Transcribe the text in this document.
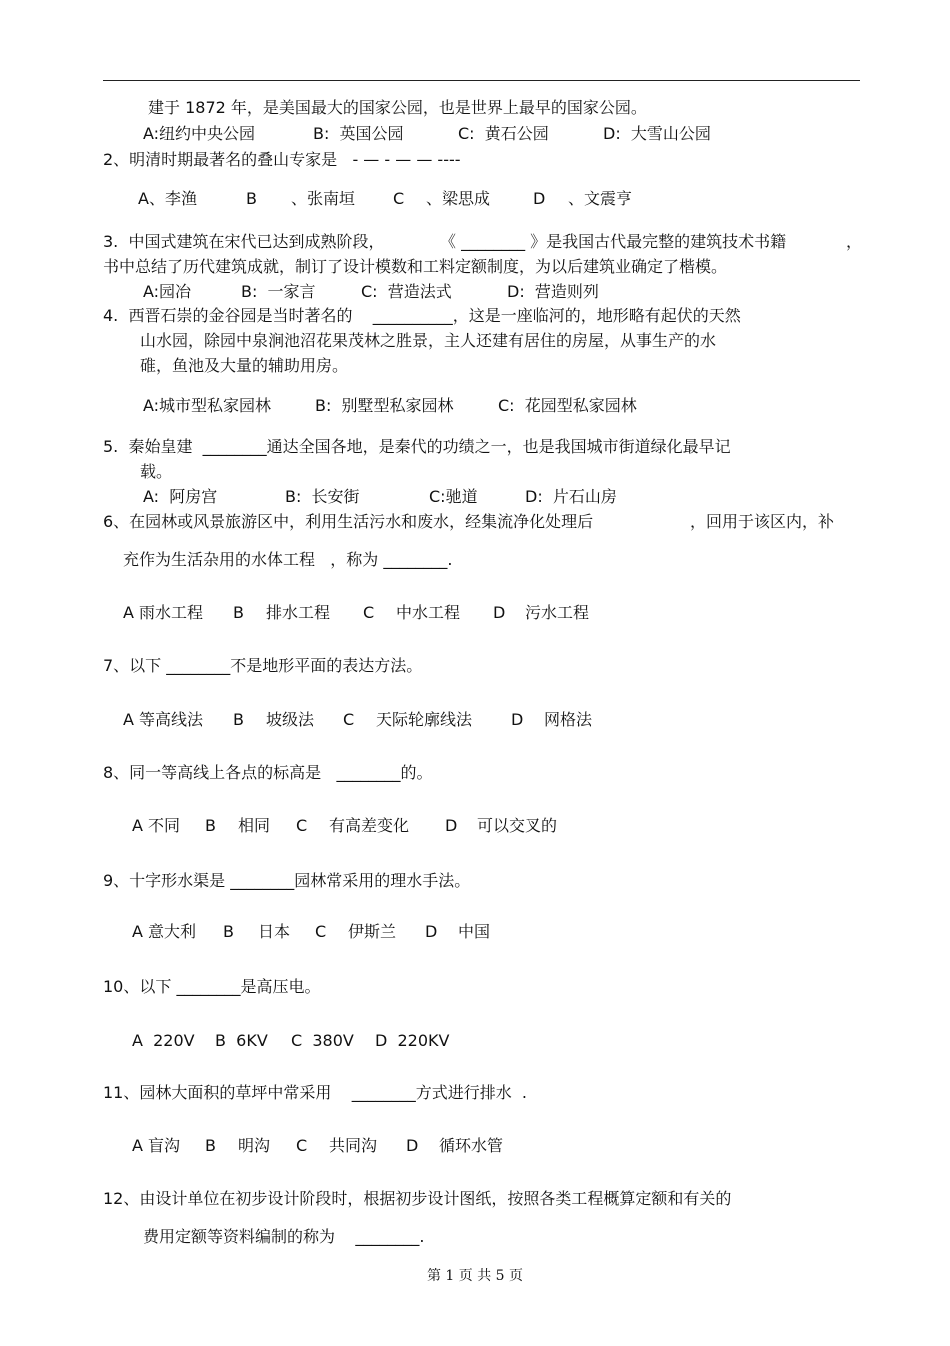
建于 1872 年，是美国最大的国家公园，也是世界上最早的国家公园。

A:纽约中央公园

	B:  英国公园

	C:  黄石公园

	D:  大雪山公园

2、明清时期最著名的叠山专家是   - — - — — ----

A、李渔

	B

、张南垣

C

、梁思成

	D

、文震亨

3.  中国式建筑在宋代已达到成熟阶段，	《 ________ 》是我国古代最完整的建筑技术书籍	，
书中总结了历代建筑成就，制订了设计模数和工料定额制度，为以后建筑业确定了楷模。

A:园冶

	B:  一家言

	C:  营造法式

	D:  营造则列

4.  西晋石崇的金谷园是当时著名的    __________，这是一座临河的，地形略有起伏的天然
山水园，除园中泉涧池沼花果茂林之胜景，主人还建有居住的房屋，从事生产的水
碓，鱼池及大量的辅助用房。

A:城市型私家园林

	B:  别墅型私家园林

	C:  花园型私家园林

5.  秦始皇建  ________通达全国各地，是秦代的功绩之一，也是我国城市街道绿化最早记
载。

A:  阿房宫

	B:  长安街

	C:驰道

	D:  片石山房

6、在园林或风景旅游区中，利用生活污水和废水，经集流净化处理后	，回用于该区内，补
充作为生活杂用的水体工程   ，称为 ________.

A 雨水工程

B

排水工程

C

中水工程

D

污水工程

7、以下 ________不是地形平面的表达方法。

A 等高线法

B

坡级法

C

天际轮廓线法

D

网格法

8、同一等高线上各点的标高是   ________的。

A 不同

B

相同

C

有高差变化

D

可以交叉的

9、十字形水渠是 ________园林常采用的理水手法。

A 意大利

B

日本

C

伊斯兰

D

中国

10、以下 ________是高压电。

A  220V

B  6KV

C  380V

D  220KV

11、园林大面积的草坪中常采用    ________方式进行排水  .

A 盲沟

B

明沟

C

共同沟

D

循环水管

12、由设计单位在初步设计阶段时，根据初步设计图纸，按照各类工程概算定额和有关的
费用定额等资料编制的称为    ________.
第 1 页 共 5 页
